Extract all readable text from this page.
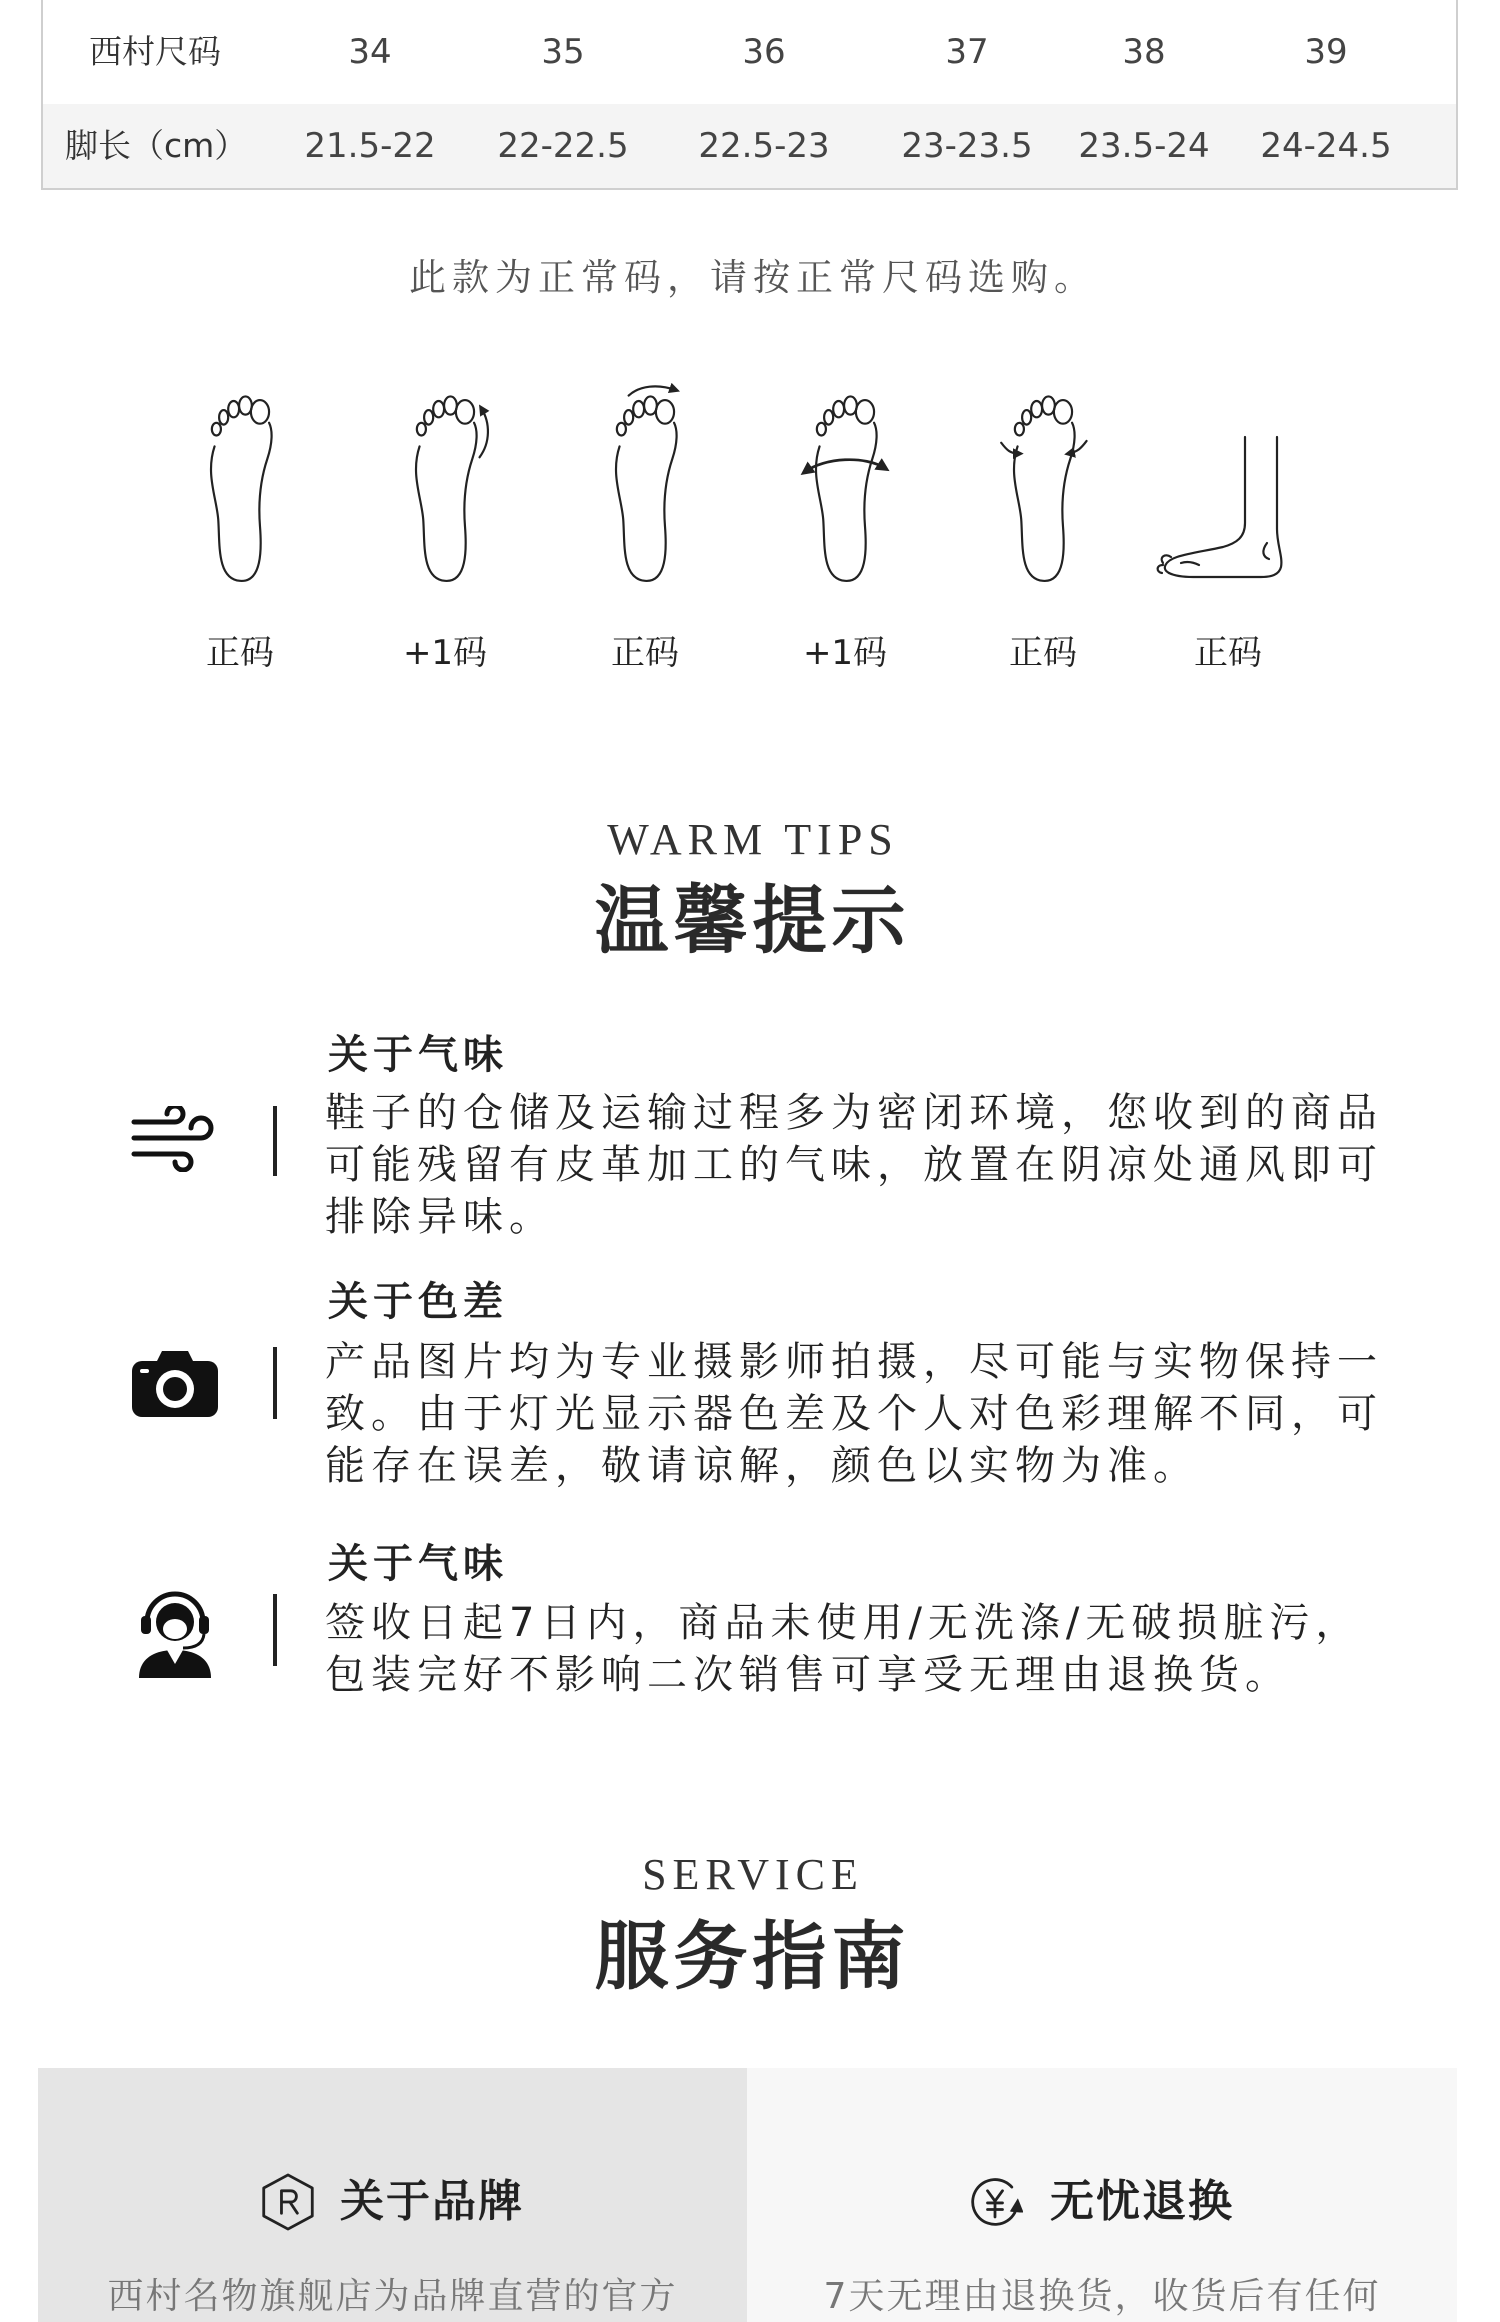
西村尺码	34	35	36	37	38	39
脚长（cm）	21.5-22	22-22.5	22.5-23	23-23.5	23.5-24	24-24.5
此款为正常码，请按正常尺码选购。
正码	+1码	正码	+1码	正码	正码
WARM TIPS
温馨提示
关于气味
鞋子的仓储及运输过程多为密闭环境，您收到的商品
可能残留有皮革加工的气味，放置在阴凉处通风即可
排除异味。
关于色差
产品图片均为专业摄影师拍摄，尽可能与实物保持一
致。由于灯光显示器色差及个人对色彩理解不同，可
能存在误差，敬请谅解，颜色以实物为准。
关于气味
签收日起7日内，商品未使用/无洗涤/无破损脏污，
包装完好不影响二次销售可享受无理由退换货。
SERVICE
服务指南
关于品牌
西村名物旗舰店为品牌直营的官方
无忧退换
7天无理由退换货，收货后有任何
